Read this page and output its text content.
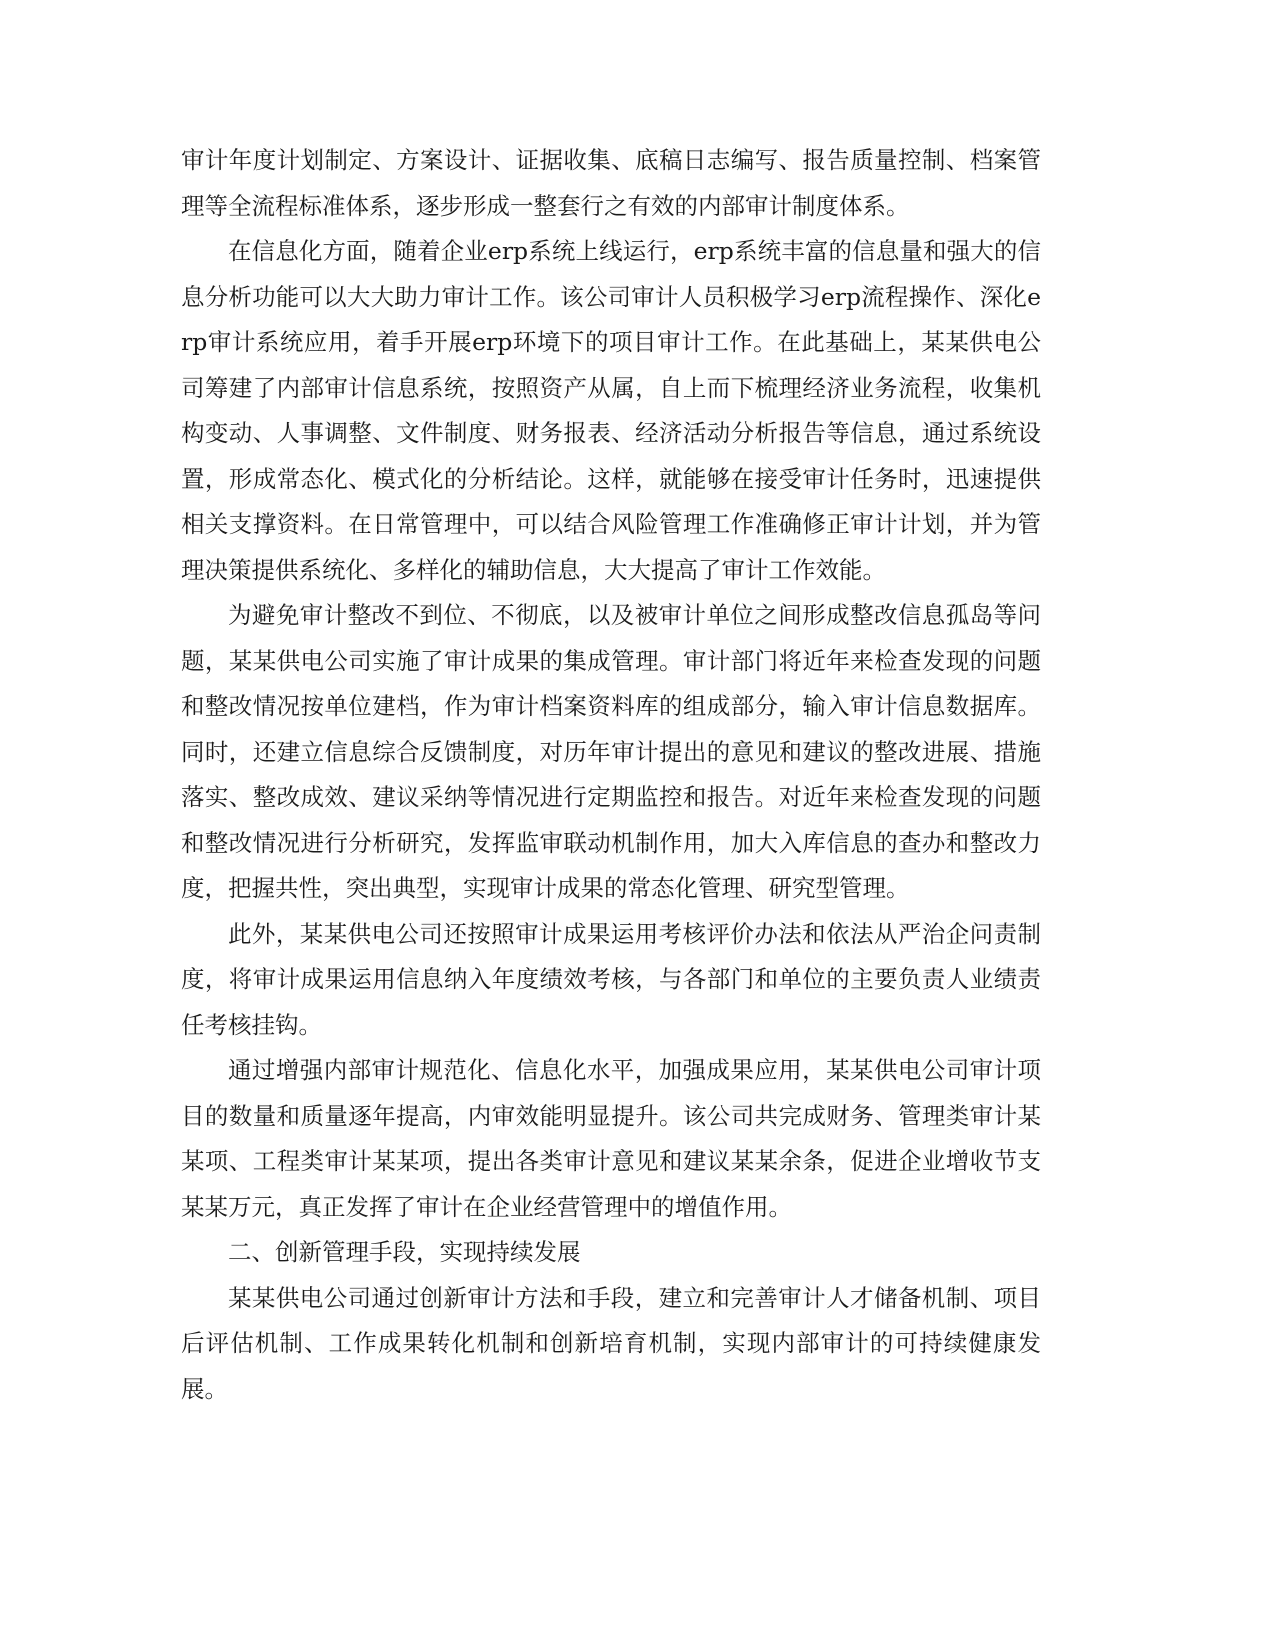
审计年度计划制定、方案设计、证据收集、底稿日志编写、报告质量控制、档案管理等全流程标准体系，逐步形成一整套行之有效的内部审计制度体系。

在信息化方面，随着企业erp系统上线运行，erp系统丰富的信息量和强大的信息分析功能可以大大助力审计工作。该公司审计人员积极学习erp流程操作、深化erp审计系统应用，着手开展erp环境下的项目审计工作。在此基础上，某某供电公司筹建了内部审计信息系统，按照资产从属，自上而下梳理经济业务流程，收集机构变动、人事调整、文件制度、财务报表、经济活动分析报告等信息，通过系统设置，形成常态化、模式化的分析结论。这样，就能够在接受审计任务时，迅速提供相关支撑资料。在日常管理中，可以结合风险管理工作准确修正审计计划，并为管理决策提供系统化、多样化的辅助信息，大大提高了审计工作效能。

为避免审计整改不到位、不彻底，以及被审计单位之间形成整改信息孤岛等问题，某某供电公司实施了审计成果的集成管理。审计部门将近年来检查发现的问题和整改情况按单位建档，作为审计档案资料库的组成部分，输入审计信息数据库。同时，还建立信息综合反馈制度，对历年审计提出的意见和建议的整改进展、措施落实、整改成效、建议采纳等情况进行定期监控和报告。对近年来检查发现的问题和整改情况进行分析研究，发挥监审联动机制作用，加大入库信息的查办和整改力度，把握共性，突出典型，实现审计成果的常态化管理、研究型管理。

此外，某某供电公司还按照审计成果运用考核评价办法和依法从严治企问责制度，将审计成果运用信息纳入年度绩效考核，与各部门和单位的主要负责人业绩责任考核挂钩。

通过增强内部审计规范化、信息化水平，加强成果应用，某某供电公司审计项目的数量和质量逐年提高，内审效能明显提升。该公司共完成财务、管理类审计某某项、工程类审计某某项，提出各类审计意见和建议某某余条，促进企业增收节支某某万元，真正发挥了审计在企业经营管理中的增值作用。

二、创新管理手段，实现持续发展

某某供电公司通过创新审计方法和手段，建立和完善审计人才储备机制、项目后评估机制、工作成果转化机制和创新培育机制，实现内部审计的可持续健康发展。
